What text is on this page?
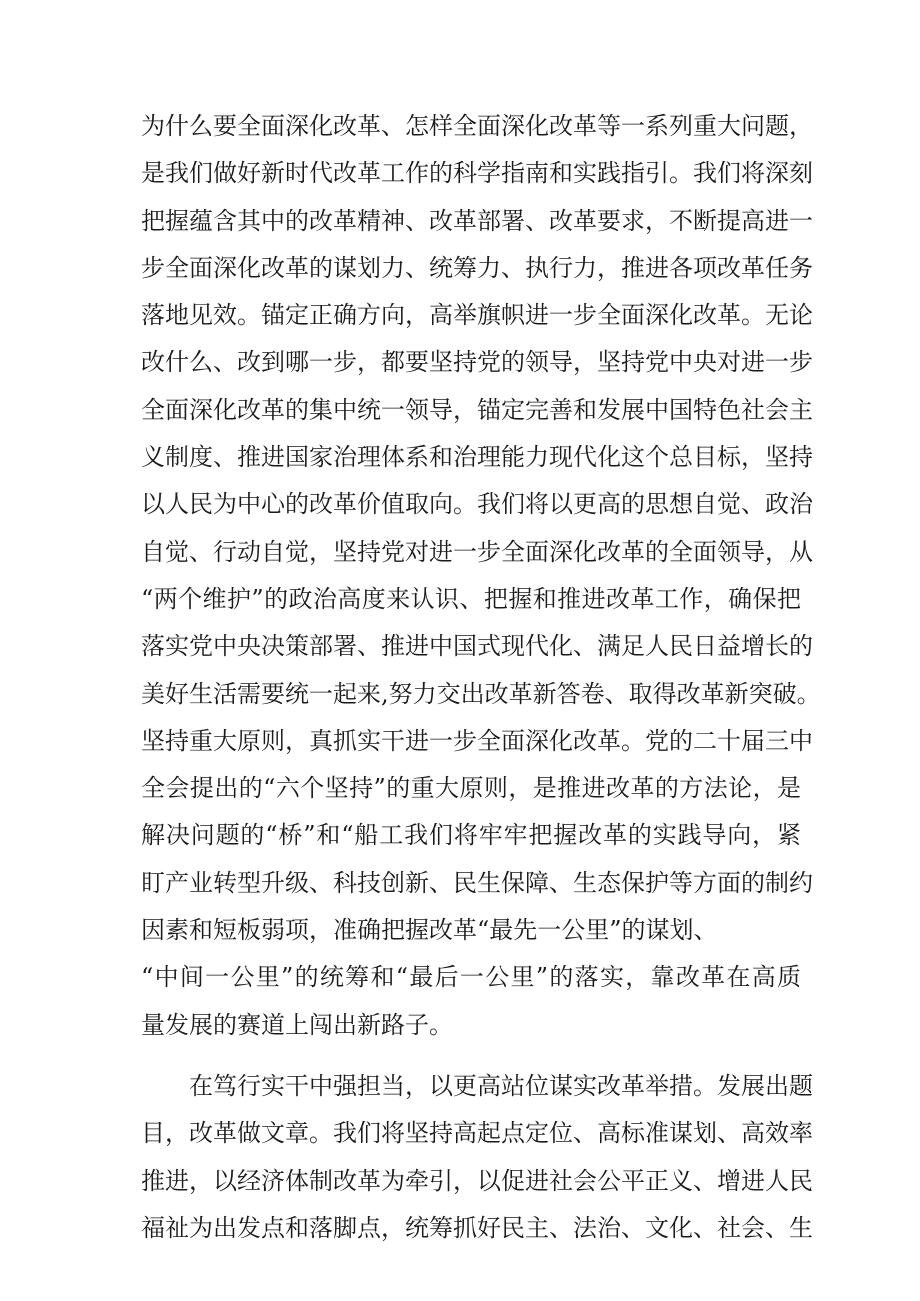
为什么要全面深化改革、怎样全面深化改革等一系列重大问题，
是我们做好新时代改革工作的科学指南和实践指引。我们将深刻
把握蕴含其中的改革精神、改革部署、改革要求，不断提高进一
步全面深化改革的谋划力、统筹力、执行力，推进各项改革任务
落地见效。锚定正确方向，高举旗帜进一步全面深化改革。无论
改什么、改到哪一步，都要坚持党的领导，坚持党中央对进一步
全面深化改革的集中统一领导，锚定完善和发展中国特色社会主
义制度、推进国家治理体系和治理能力现代化这个总目标，坚持
以人民为中心的改革价值取向。我们将以更高的思想自觉、政治
自觉、行动自觉，坚持党对进一步全面深化改革的全面领导，从
“两个维护”的政治高度来认识、把握和推进改革工作，确保把
落实党中央决策部署、推进中国式现代化、满足人民日益增长的
美好生活需要统一起来,努力交出改革新答卷、取得改革新突破。
坚持重大原则，真抓实干进一步全面深化改革。党的二十届三中
全会提出的“六个坚持”的重大原则，是推进改革的方法论，是
解决问题的“桥”和“船工我们将牢牢把握改革的实践导向，紧
盯产业转型升级、科技创新、民生保障、生态保护等方面的制约
因素和短板弱项，准确把握改革“最先一公里”的谋划、
“中间一公里”的统筹和“最后一公里”的落实，靠改革在高质
量发展的赛道上闯出新路子。
在笃行实干中强担当，以更高站位谋实改革举措。发展出题
目，改革做文章。我们将坚持高起点定位、高标准谋划、高效率
推进，以经济体制改革为牵引，以促进社会公平正义、增进人民
福祉为出发点和落脚点，统筹抓好民主、法治、文化、社会、生
